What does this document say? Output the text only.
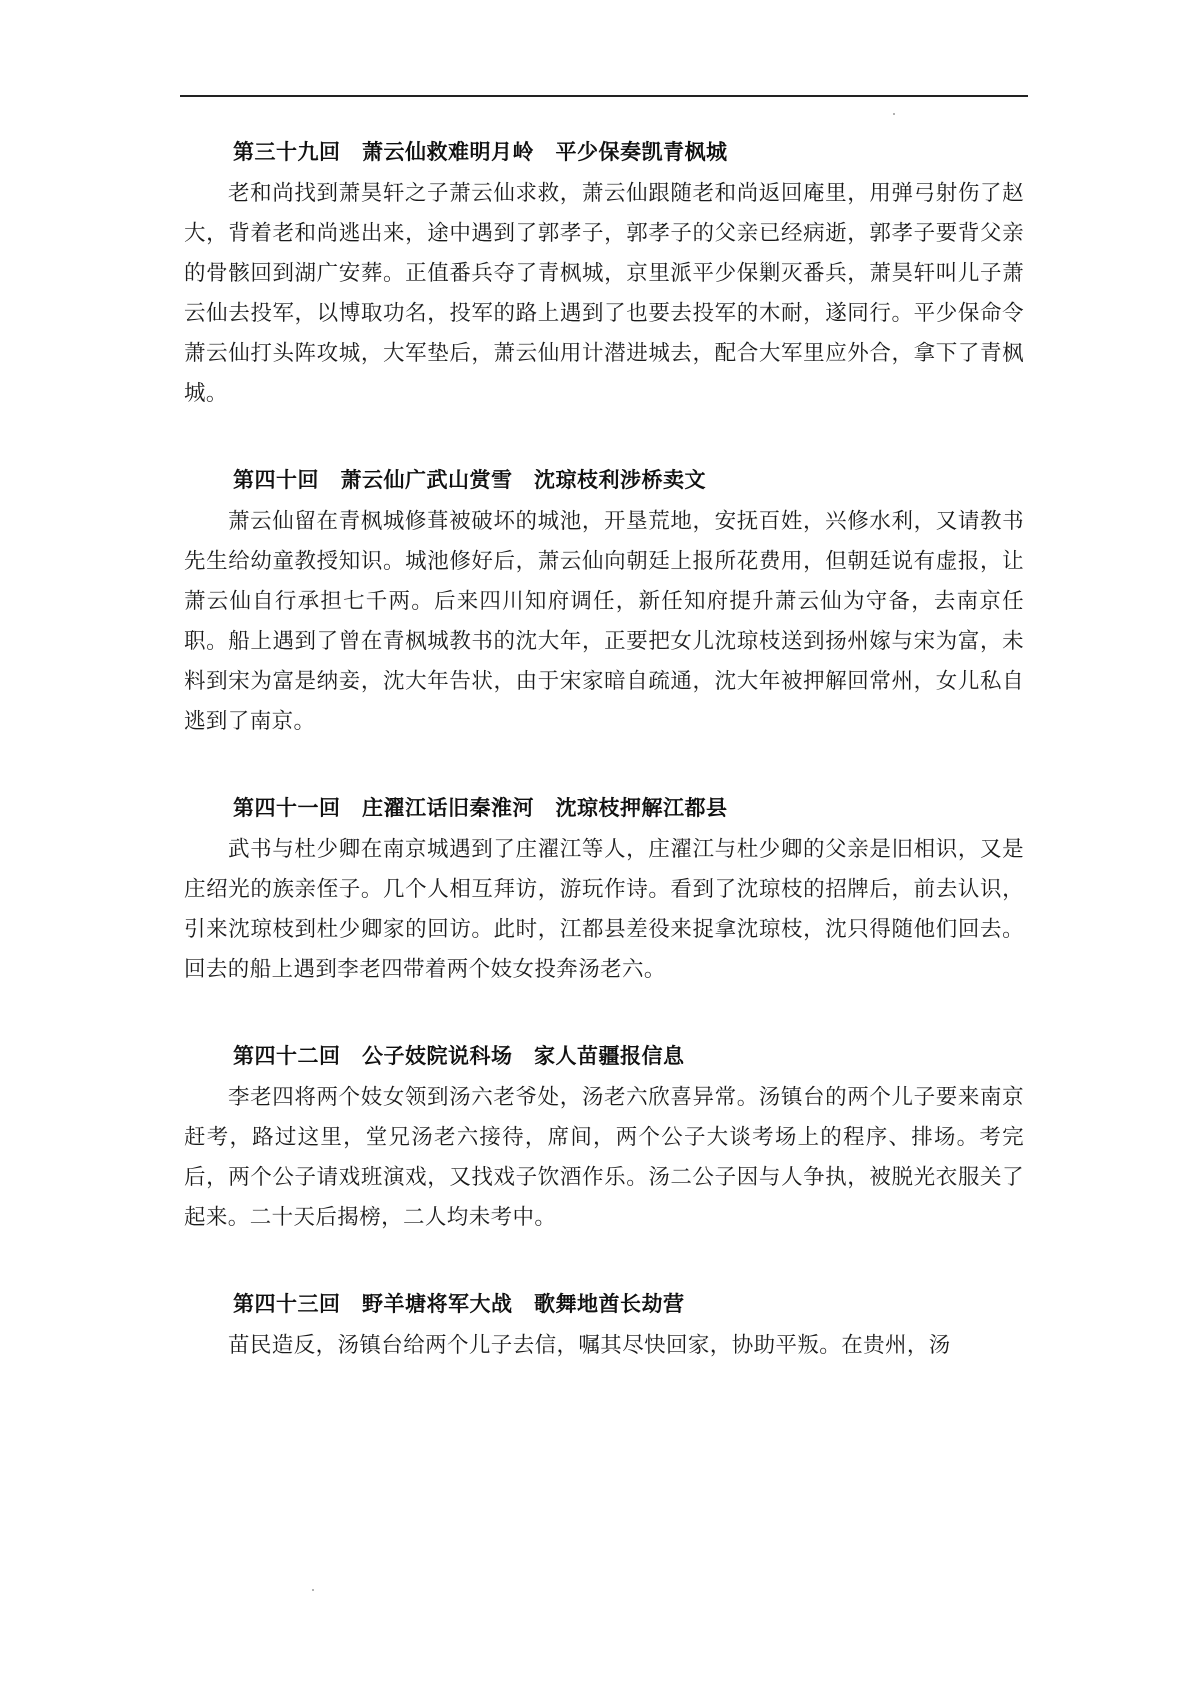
第三十九回　萧云仙救难明月岭　平少保奏凯青枫城

老和尚找到萧昊轩之子萧云仙求救，萧云仙跟随老和尚返回庵里，用弹弓射伤了赵大，背着老和尚逃出来，途中遇到了郭孝子，郭孝子的父亲已经病逝，郭孝子要背父亲的骨骸回到湖广安葬。正值番兵夺了青枫城，京里派平少保剿灭番兵，萧昊轩叫儿子萧云仙去投军，以博取功名，投军的路上遇到了也要去投军的木耐，遂同行。平少保命令萧云仙打头阵攻城，大军垫后，萧云仙用计潜进城去，配合大军里应外合，拿下了青枫城。

第四十回　萧云仙广武山赏雪　沈琼枝利涉桥卖文

萧云仙留在青枫城修葺被破坏的城池，开垦荒地，安抚百姓，兴修水利，又请教书先生给幼童教授知识。城池修好后，萧云仙向朝廷上报所花费用，但朝廷说有虚报，让萧云仙自行承担七千两。后来四川知府调任，新任知府提升萧云仙为守备，去南京任职。船上遇到了曾在青枫城教书的沈大年，正要把女儿沈琼枝送到扬州嫁与宋为富，未料到宋为富是纳妾，沈大年告状，由于宋家暗自疏通，沈大年被押解回常州，女儿私自逃到了南京。

第四十一回　庄濯江话旧秦淮河　沈琼枝押解江都县

武书与杜少卿在南京城遇到了庄濯江等人，庄濯江与杜少卿的父亲是旧相识，又是庄绍光的族亲侄子。几个人相互拜访，游玩作诗。看到了沈琼枝的招牌后，前去认识，引来沈琼枝到杜少卿家的回访。此时，江都县差役来捉拿沈琼枝，沈只得随他们回去。回去的船上遇到李老四带着两个妓女投奔汤老六。

第四十二回　公子妓院说科场　家人苗疆报信息

李老四将两个妓女领到汤六老爷处，汤老六欣喜异常。汤镇台的两个儿子要来南京赶考，路过这里，堂兄汤老六接待，席间，两个公子大谈考场上的程序、排场。考完后，两个公子请戏班演戏，又找戏子饮酒作乐。汤二公子因与人争执，被脱光衣服关了起来。二十天后揭榜，二人均未考中。

第四十三回　野羊塘将军大战　歌舞地酋长劫营

苗民造反，汤镇台给两个儿子去信，嘱其尽快回家，协助平叛。在贵州，汤
